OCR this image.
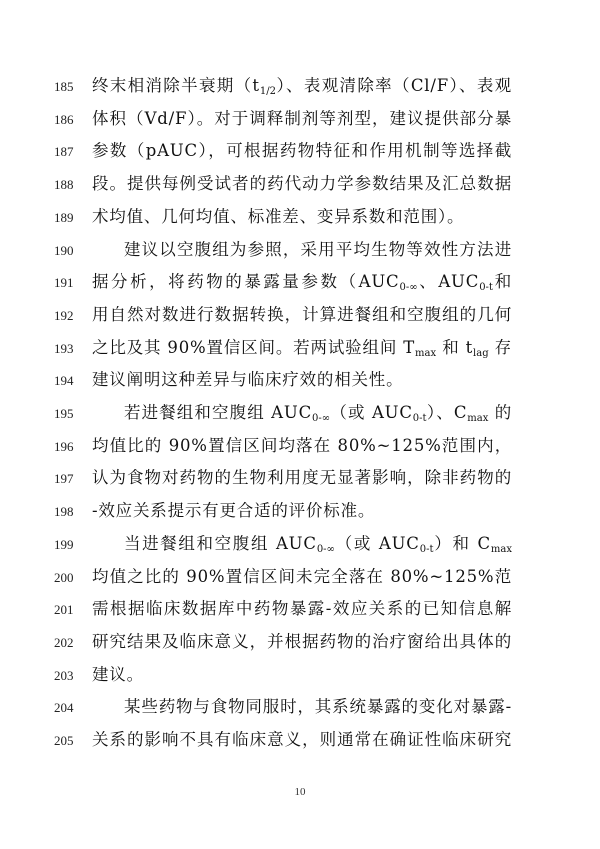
185	终末相消除半衰期$(t_{1/2})$、表观清除率（Cl/F）、表观
186	体积（Vd/F）。对于调释制剂等剂型，建议提供部分暴
187	参数（pAUC），可根据药物特征和作用机制等选择截
188	段。提供每例受试者的药代动力学参数结果及汇总数据
189	术均值、几何均值、标准差、变异系数和范围）。
190	建议以空腹组为参照，采用平均生物等效性方法进
191	据分析，将药物的暴露量参数（$AUC_{0-\infty}$、$AUC_{0-t}$和
192	用自然对数进行数据转换，计算进餐组和空腹组的几何
193	之比及其 90%置信区间。若两试验组间 $T_{max}$ 和 $t_{lag}$ 存
194	建议阐明这种差异与临床疗效的相关性。
195	若进餐组和空腹组 $AUC_{0-\infty}$（或 $AUC_{0-t}$）、$C_{max}$ 的
196	均值比的 90%置信区间均落在 80%~125%范围内，
197	认为食物对药物的生物利用度无显著影响，除非药物的
198	-效应关系提示有更合适的评价标准。
199	当进餐组和空腹组 $AUC_{0-\infty}$（或 $AUC_{0-t}$）和 $C_{max}$
200	均值之比的 90%置信区间未完全落在 80%~125%范
201	需根据临床数据库中药物暴露-效应关系的已知信息解
202	研究结果及临床意义，并根据药物的治疗窗给出具体的
203	建议。
204	某些药物与食物同服时，其系统暴露的变化对暴露-
205	关系的影响不具有临床意义，则通常在确证性临床研究
10
